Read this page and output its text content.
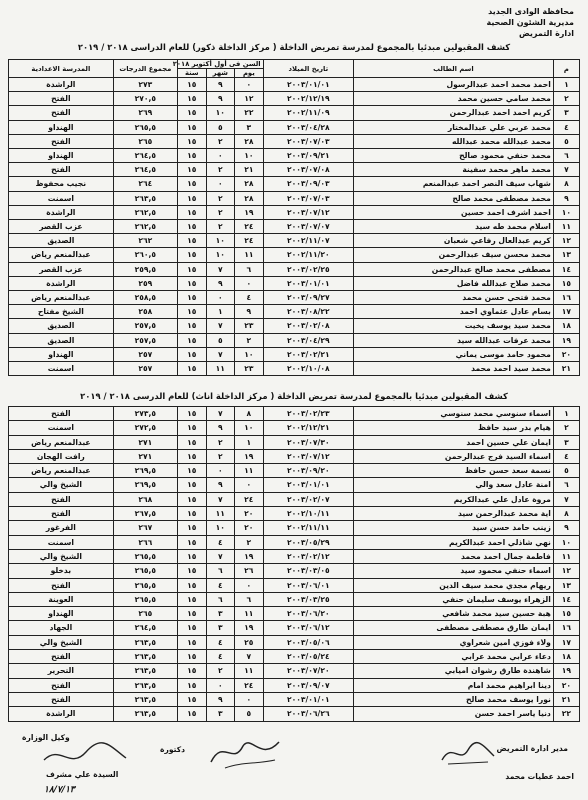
محافظة الوادى الجديد
مديرية الشئون الصحية
ادارة التمريض
كشف المقبولين مبدئيا بالمجموع لمدرسة تمريض الداخلة ( مركز الداخلة ذكور) للعام الدراسى ٢٠١٨ / ٢٠١٩
م	اسم الطالب	تاريخ الميلاد	السن فى أول أكتوبر ٢٠١٨			مجموع الدرجات	المدرسة الاعدادية
			يوم	شهر	سنة		
١	احمد محمد احمد عبدالرسول	٢٠٠٣/٠١/٠١	٠	٩	١٥	٢٧٣	الراشدة
٢	محمد سامي حسين محمد	٢٠٠٢/١٢/١٩	١٢	٩	١٥	٢٧٠,٥	الفتح
٣	كريم احمد احمد عبدالرحمن	٢٠٠٢/١١/٠٩	٢٢	١٠	١٥	٢٦٩	الفتح
٤	محمد عربي علي عبدالمختار	٢٠٠٣/٠٤/٢٨	٣	٥	١٥	٢٦٥,٥	الهنداو
٥	محمد عبدالله محمد عبدالله	٢٠٠٣/٠٧/٠٣	٢٨	٢	١٥	٢٦٥	الفتح
٦	محمد حنفي محمود صالح	٢٠٠٣/٠٩/٢١	١٠	٠	١٥	٢٦٤,٥	الهنداو
٧	محمد ماهر محمد سفينة	٢٠٠٣/٠٧/٠٨	٢١	٢	١٥	٢٦٤,٥	الفتح
٨	شهاب سيف النصر احمد عبدالمنعم	٢٠٠٣/٠٩/٠٣	٢٨	٠	١٥	٢٦٤	نجيب محفوظ
٩	محمد مصطفى محمد صالح	٢٠٠٣/٠٧/٠٣	٢٨	٢	١٥	٢٦٣,٥	اسمنت
١٠	احمد اشرف احمد حسين	٢٠٠٣/٠٧/١٢	١٩	٢	١٥	٢٦٢,٥	الراشدة
١١	اسلام محمد طه سيد	٢٠٠٣/٠٧/٠٧	٢٤	٢	١٥	٢٦٢,٥	عزب القصر
١٢	كريم عبدالعال رفاعي شعبان	٢٠٠٢/١١/٠٧	٢٤	١٠	١٥	٢٦٢	الصديق
١٣	محمد محسن سيف عبدالرحمن	٢٠٠٢/١١/٢٠	١١	١٠	١٥	٢٦٠,٥	عبدالمنعم رياض
١٤	مصطفى محمد صالح عبدالرحمن	٢٠٠٣/٠٢/٢٥	٦	٧	١٥	٢٥٩,٥	عزب القصر
١٥	محمد صلاح عبدالله فاضل	٢٠٠٣/٠١/٠١	٠	٩	١٥	٢٥٩	الراشدة
١٦	محمد فتحي حسن محمد	٢٠٠٣/٠٩/٢٧	٤	٠	١٥	٢٥٨,٥	عبدالمنعم رياض
١٧	بسام عادل عثماوي احمد	٢٠٠٣/٠٨/٢٢	٩	١	١٥	٢٥٨	الشيخ مفتاح
١٨	محمد سيد يوسف يخيت	٢٠٠٣/٠٢/٠٨	٢٣	٧	١٥	٢٥٧,٥	الصديق
١٩	محمد عرفات عبدالله سيد	٢٠٠٣/٠٤/٢٩	٢	٥	١٥	٢٥٧,٥	الصديق
٢٠	محمود حامد موسى يماني	٢٠٠٣/٠٢/٢١	١٠	٧	١٥	٢٥٧	الهنداو
٢١	محمد سيد احمد محمد	٢٠٠٢/١٠/٠٨	٢٣	١١	١٥	٢٥٧	اسمنت
كشف المقبولين مبدئيا بالمجموع لمدرسة تمريض الداخلة ( مركز الداخلة اناث) للعام الدرسى ٢٠١٨ / ٢٠١٩
١	اسماء سنوسي محمد سنوسي	٢٠٠٣/٠٢/٢٣	٨	٧	١٥	٢٧٣,٥	الفتح
٢	هيام بدر سيد حافظ	٢٠٠٢/١٢/٢١	١٠	٩	١٥	٢٧٢,٥	اسمنت
٣	ايمان علي حسين احمد	٢٠٠٣/٠٧/٣٠	١	٢	١٥	٢٧١	عبدالمنعم رياض
٤	اسماء السيد فرج عبدالرحمن	٢٠٠٣/٠٧/١٢	١٩	٢	١٥	٢٧١	رافت الهجان
٥	نسمة سعد حسن حافظ	٢٠٠٣/٠٩/٢٠	١١	٠	١٥	٢٦٩,٥	عبدالمنعم رياض
٦	امنة عادل سعد والي	٢٠٠٣/٠١/٠١	٠	٩	١٥	٢٦٩,٥	الشيخ والي
٧	مروة عادل علي عبدالكريم	٢٠٠٣/٠٢/٠٧	٢٤	٧	١٥	٢٦٨	الفتح
٨	اية محمد عبدالرحمن سيد	٢٠٠٢/١٠/١١	٢٠	١١	١٥	٢٦٧,٥	الفتح
٩	زينب حامد حسن سيد	٢٠٠٢/١١/١١	٢٠	١٠	١٥	٢٦٧	الفرغور
١٠	نهي شاذلي احمد عبدالكريم	٢٠٠٣/٠٥/٢٩	٢	٤	١٥	٢٦٦	اسمنت
١١	فاطمة جمال احمد محمد	٢٠٠٣/٠٢/١٢	١٩	٧	١٥	٢٦٥,٥	الشيخ والي
١٢	اسماء حنفي محمود سيد	٢٠٠٣/٠٣/٠٥	٢٦	٦	١٥	٢٦٥,٥	بدخلو
١٣	ريهام مجدي محمد سيف الدين	٢٠٠٣/٠٦/٠١	٠	٤	١٥	٢٦٥,٥	الفتح
١٤	الزهراء يوسف سليمان حنفي	٢٠٠٣/٠٣/٢٥	٦	٦	١٥	٢٦٥,٥	العوينة
١٥	هبة حسين سيد محمد شافعي	٢٠٠٣/٠٦/٢٠	١١	٣	١٥	٢٦٥	الهنداو
١٦	ايمان طارق مصطفى مصطفى	٢٠٠٣/٠٦/١٢	١٩	٣	١٥	٢٦٤,٥	الجهاد
١٧	ولاء فوزي امين شعراوي	٢٠٠٣/٠٥/٠٦	٢٥	٤	١٥	٢٦٣,٥	الشيخ والي
١٨	دعاء عرابي محمد عرابي	٢٠٠٣/٠٥/٢٤	٧	٤	١٥	٢٦٣,٥	الفتح
١٩	شاهندة طارق رشوان اميابي	٢٠٠٣/٠٧/٢٠	١١	٢	١٥	٢٦٣,٥	التحرير
٢٠	دينا ابراهيم محمد امام	٢٠٠٣/٠٩/٠٧	٢٤	٠	١٥	٢٦٣,٥	الفتح
٢١	نورا يوسف محمد صالح	٢٠٠٣/٠١/٠١	٠	٩	١٥	٢٦٣,٥	الفتح
٢٢	دنيا ياسر احمد حسن	٢٠٠٣/٠٦/٢٦	٥	٣	١٥	٢٦٣,٥	الراشدة
مدير ادارة التمريض
احمد عطيات محمد
دكتورة
وكيل الوزارة
السيدة علي مشرف
١٨/٧/١٣
